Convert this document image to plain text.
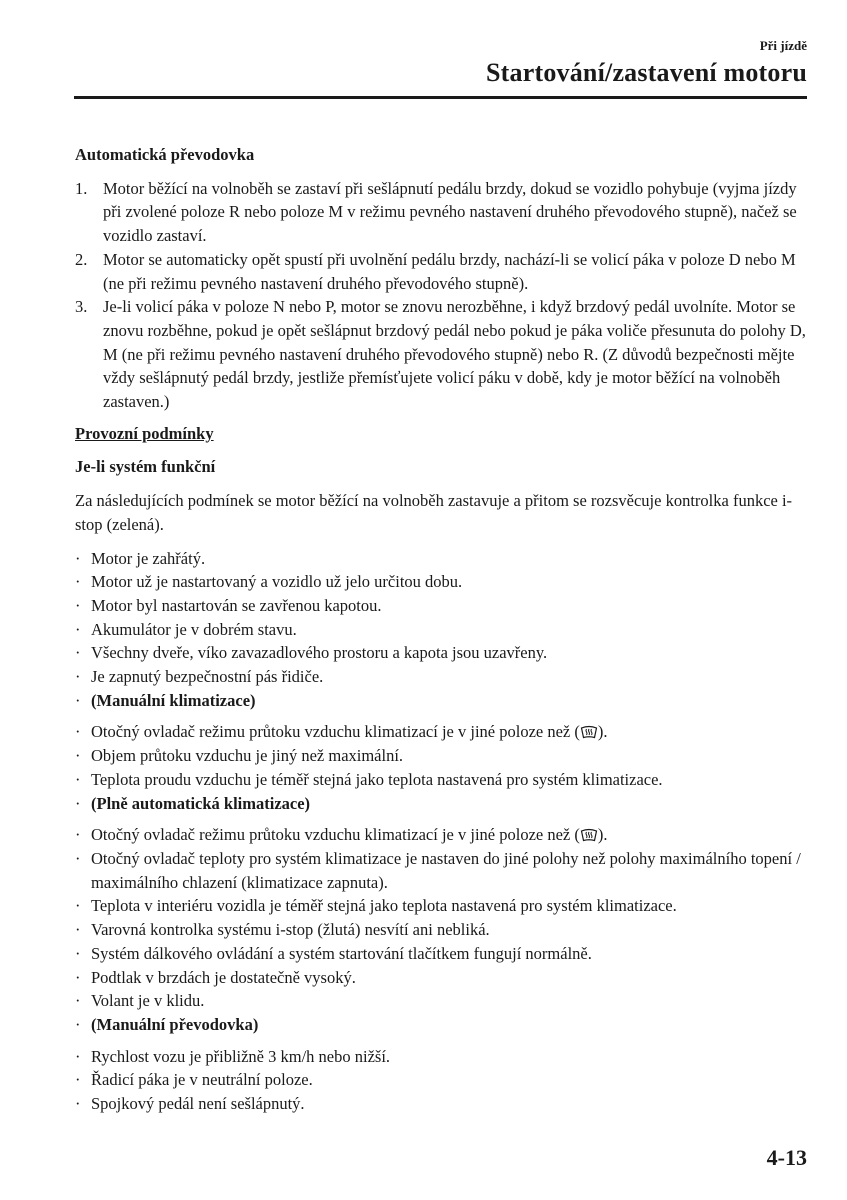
Při jízdě
Startování/zastavení motoru
Automatická převodovka
1. Motor běžící na volnoběh se zastaví při sešlápnutí pedálu brzdy, dokud se vozidlo pohybuje (vyjma jízdy při zvolené poloze R nebo poloze M v režimu pevného nastavení druhého převodového stupně), načež se vozidlo zastaví.
2. Motor se automaticky opět spustí při uvolnění pedálu brzdy, nachází-li se volicí páka v poloze D nebo M (ne při režimu pevného nastavení druhého převodového stupně).
3. Je-li volicí páka v poloze N nebo P, motor se znovu nerozběhne, i když brzdový pedál uvolníte. Motor se znovu rozběhne, pokud je opět sešlápnut brzdový pedál nebo pokud je páka voliče přesunuta do polohy D, M (ne při režimu pevného nastavení druhého převodového stupně) nebo R. (Z důvodů bezpečnosti mějte vždy sešlápnutý pedál brzdy, jestliže přemísťujete volicí páku v době, kdy je motor běžící na volnoběh zastaven.)
Provozní podmínky
Je-li systém funkční

Za následujících podmínek se motor běžící na volnoběh zastavuje a přitom se rozsvěcuje kontrolka funkce i-stop (zelená).

· Motor je zahřátý.
· Motor už je nastartovaný a vozidlo už jelo určitou dobu.
· Motor byl nastartován se zavřenou kapotou.
· Akumulátor je v dobrém stavu.
· Všechny dveře, víko zavazadlového prostoru a kapota jsou uzavřeny.
· Je zapnutý bezpečnostní pás řidiče.
· (Manuální klimatizace)
· Otočný ovladač režimu průtoku vzduchu klimatizací je v jiné poloze než ( ).
· Objem průtoku vzduchu je jiný než maximální.
· Teplota proudu vzduchu je téměř stejná jako teplota nastavená pro systém klimatizace.
· (Plně automatická klimatizace)
· Otočný ovladač režimu průtoku vzduchu klimatizací je v jiné poloze než ( ).
· Otočný ovladač teploty pro systém klimatizace je nastaven do jiné polohy než polohy maximálního topení / maximálního chlazení (klimatizace zapnuta).
· Teplota v interiéru vozidla je téměř stejná jako teplota nastavená pro systém klimatizace.
· Varovná kontrolka systému i-stop (žlutá) nesvítí ani nebliká.
· Systém dálkového ovládání a systém startování tlačítkem fungují normálně.
· Podtlak v brzdách je dostatečně vysoký.
· Volant je v klidu.
· (Manuální převodovka)
· Rychlost vozu je přibližně 3 km/h nebo nižší.
· Řadicí páka je v neutrální poloze.
· Spojkový pedál není sešlápnutý.
4-13
